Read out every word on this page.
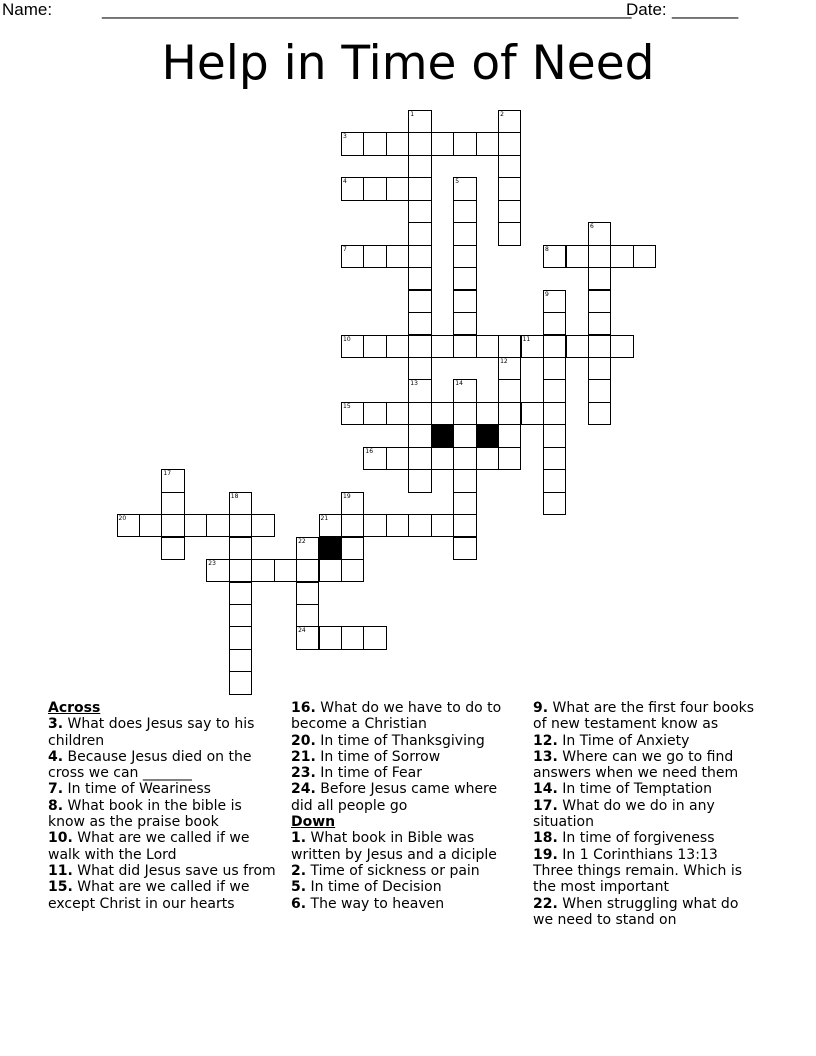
Name:	________________________________________________________
Date: _______
Help in Time of Need
1
13
2
3
4	5
6
7	8
9
10	11
12
14
15
16
17
18	19
20	21
22
23
24
Across
3. What does Jesus say to his children
4. Because Jesus died on the cross we can _______
7. In time of Weariness
8. What book in the bible is know as the praise book
10. What are we called if we walk with the Lord
11. What did Jesus save us from
15. What are we called if we except Christ in our hearts
16. What do we have to do to become a Christian
20. In time of Thanksgiving
21. In time of Sorrow
23. In time of Fear
24. Before Jesus came where did all people go
Down
1. What book in Bible was written by Jesus and a diciple
2. Time of sickness or pain
5. In time of Decision
6. The way to heaven
9. What are the first four books of new testament know as
12. In Time of Anxiety
13. Where can we go to find answers when we need them
14. In time of Temptation
17. What do we do in any situation
18. In time of forgiveness
19. In 1 Corinthians 13:13 Three things remain. Which is the most important
22. When struggling what do we need to stand on
